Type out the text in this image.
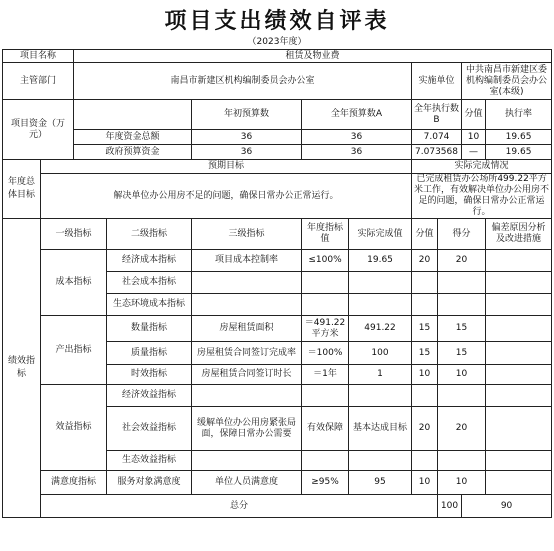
项目支出绩效自评表
（2023年度）
项目名称		租赁及物业费									
主管部门		南昌市新建区机构编制委员会办公室					实施单位		中共南昌市新建区委机构编制委员会办公室(本级)		
项目资金（万元）				年初预算数	全年预算数A		全年执行数B		分值	执行率	
		年度资金总额		36	36		7.074		10	19.65	
		政府预算资金		36	36		7.073568		—	19.65	
年度总体目标	预期目标						实际完成情况				
	解决单位办公用房不足的问题，确保日常办公正常运行。						已完成租赁办公场所499.22平方米工作，有效解决单位办公用房不足的问题，确保日常办公正常运行。				
绩效指标	一级指标		二级指标	三级指标	年度指标值	实际完成值	分值	得分		偏差原因分析及改进措施	
	成本指标		经济成本指标	项目成本控制率	≤100%	19.65	20	20			
			社会成本指标								
			生态环境成本指标								
	产出指标		数量指标	房屋租赁面积	＝491.22平方米	491.22	15	15			
			质量指标	房屋租赁合同签订完成率	＝100%	100	15	15			
			时效指标	房屋租赁合同签订时长	＝1年	1	10	10			
	效益指标		经济效益指标								
			社会效益指标	缓解单位办公用房紧张局面，保障日常办公需要	有效保障	基本达成目标	20	20			
			生态效益指标								
	满意度指标		服务对象满意度	单位人员满意度	≥95%	95	10	10			
	总分							100	90		
